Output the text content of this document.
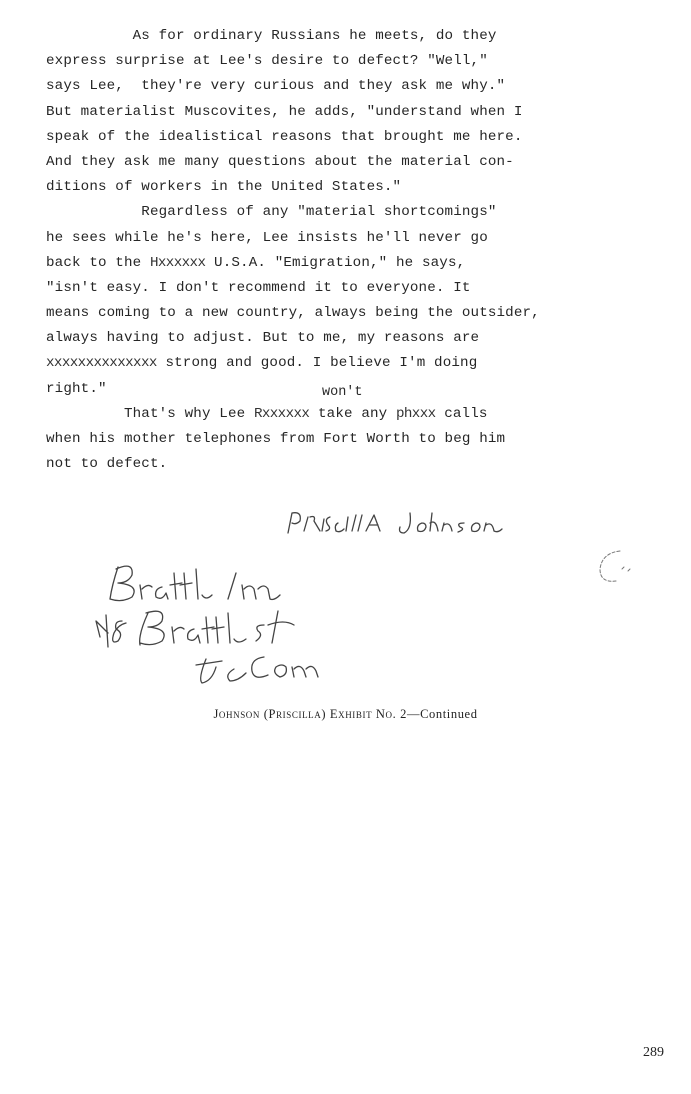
As for ordinary Russians he meets, do they
express surprise at Lee's desire to defect? "Well,"
says Lee,  they're very curious and they ask me why."
But materialist Muscovites, he adds, "understand when I
speak of the idealistical reasons that brought me here.
And they ask me many questions about the material con-
ditions of workers in the United States."
Regardless of any "material shortcomings"
he sees while he's here, Lee insists he'll never go
back to the Hxxxxxx U.S.A. "Emigration," he says,
"isn't easy. I don't recommend it to everyone. It
means coming to a new country, always being the outsider,
always having to adjust. But to me, my reasons are
xxxxxxxxxxxxxx strong and good. I believe I'm doing
right."
That's why Lee Rxxxxxx take any phxxx calls
when his mother telephones from Fort Worth to beg him
not to defect.
won't
Johnson (Priscilla) Exhibit No. 2—Continued
289
